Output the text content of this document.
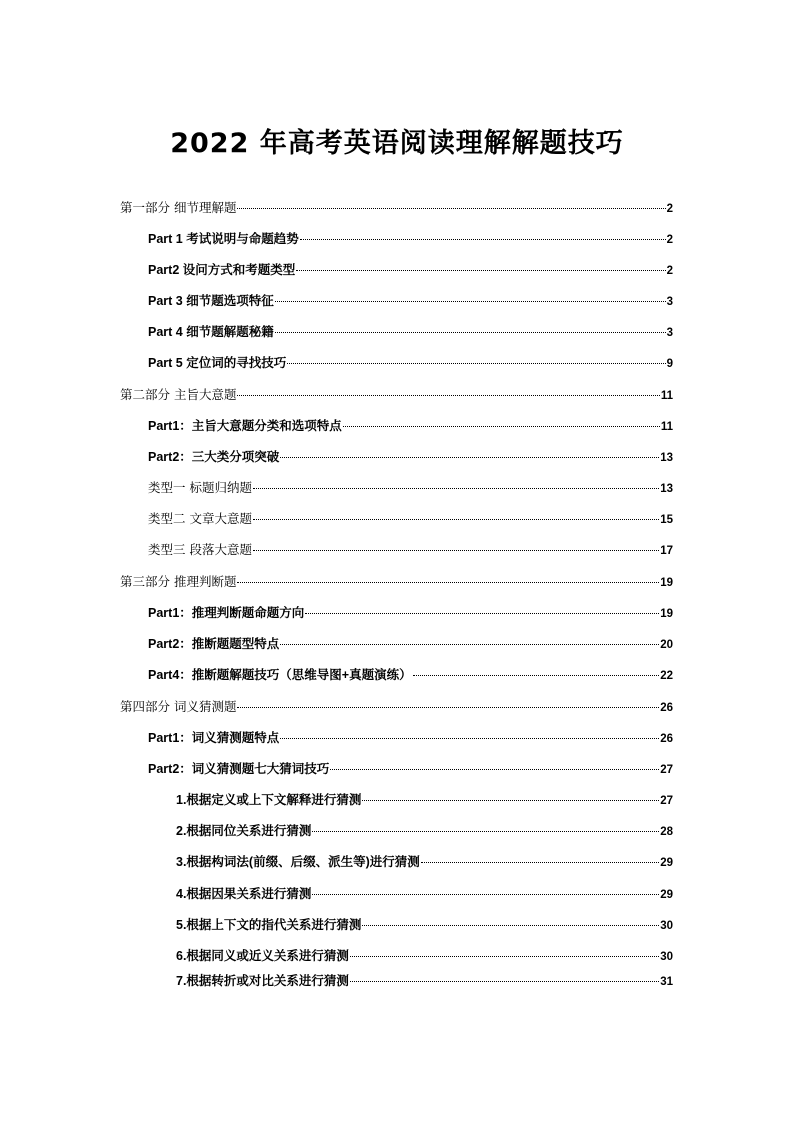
2022 年高考英语阅读理解解题技巧
第一部分 细节理解题	2
Part 1 考试说明与命题趋势	2
Part2 设问方式和考题类型	2
Part 3 细节题选项特征	3
Part 4 细节题解题秘籍	3
Part 5 定位词的寻找技巧	9
第二部分 主旨大意题	11
Part1：主旨大意题分类和选项特点	11
Part2：三大类分项突破	13
类型一 标题归纳题	13
类型二 文章大意题	15
类型三 段落大意题	17
第三部分 推理判断题	19
Part1：推理判断题命题方向	19
Part2：推断题题型特点	20
Part4：推断题解题技巧（思维导图+真题演练）	22
第四部分 词义猜测题	26
Part1：词义猜测题特点	26
Part2：词义猜测题七大猜词技巧	27
1.根据定义或上下文解释进行猜测	27
2.根据同位关系进行猜测	28
3.根据构词法(前缀、后缀、派生等)进行猜测	29
4.根据因果关系进行猜测	29
5.根据上下文的指代关系进行猜测	30
6.根据同义或近义关系进行猜测	30
7.根据转折或对比关系进行猜测	31
